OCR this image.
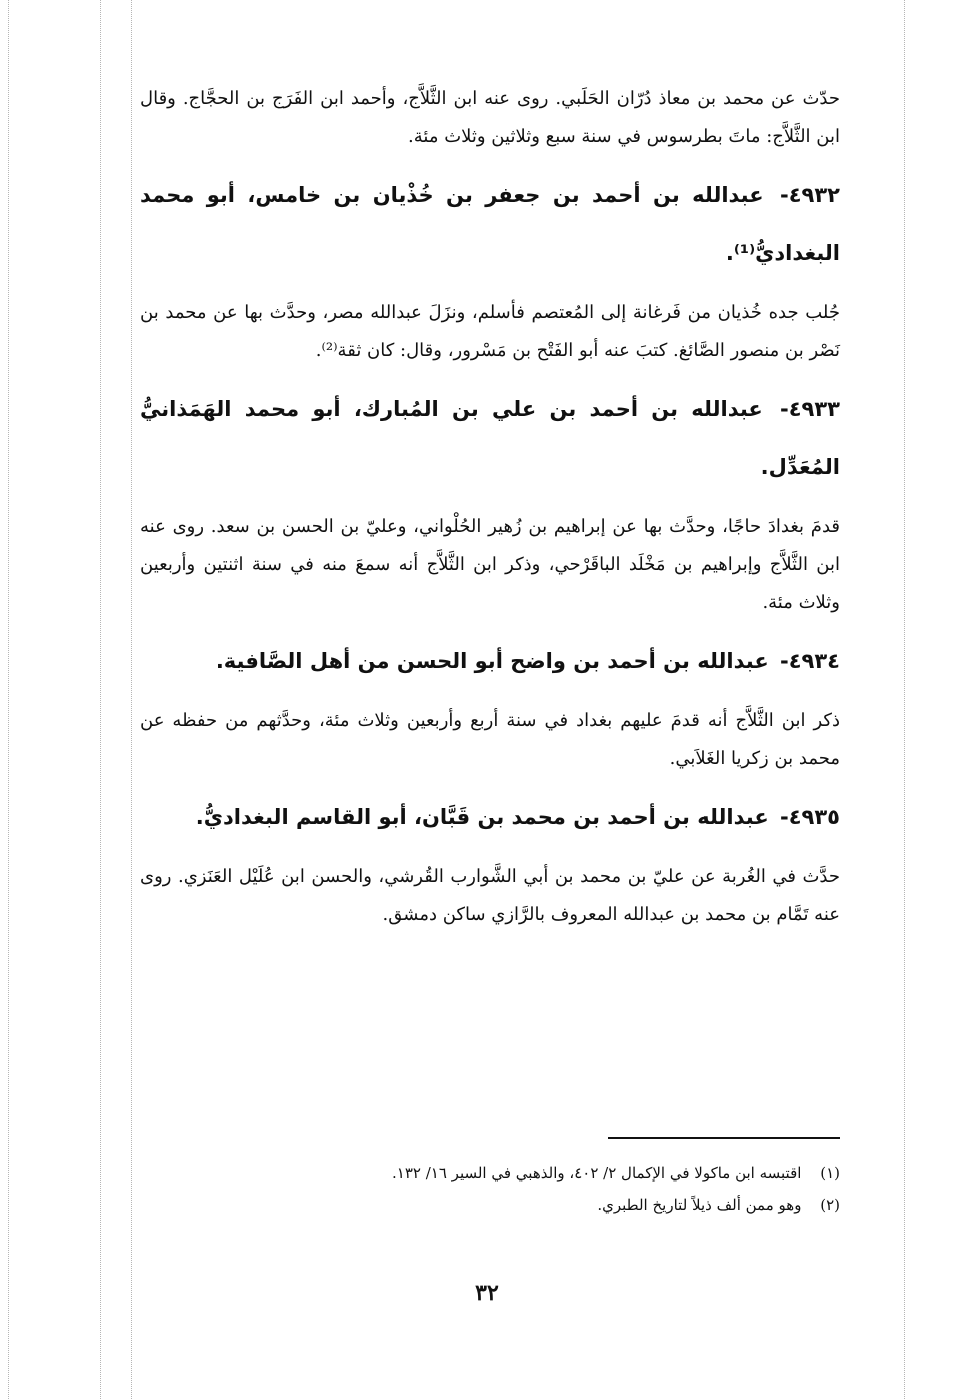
حدّث عن محمد بن معاذ دُرّان الحَلَبي. روى عنه ابن الثَّلاَّج، وأحمد ابن الفَرَج بن الحجَّاج. وقال ابن الثَّلاَّج: ماتَ بطرسوس في سنة سبع وثلاثين وثلاث مئة.

٤٩٣٢- عبدالله بن أحمد بن جعفر بن خُذْيان بن خامس، أبو محمد البغداديُّ⁽¹⁾.

جُلب جده خُذيان من فَرغانة إلى المُعتصم فأسلم، ونزَلَ عبدالله مصر، وحدَّث بها عن محمد بن نَصْر بن منصور الصَّائغ. كتبَ عنه أبو الفَتْح بن مَسْرور، وقال: كان ثقة⁽²⁾.

٤٩٣٣- عبدالله بن أحمد بن علي بن المُبارك، أبو محمد الهَمَذانيُّ المُعَدِّل.

قدمَ بغدادَ حاجًا، وحدَّث بها عن إبراهيم بن زُهير الحُلْواني، وعليّ بن الحسن بن سعد. روى عنه ابن الثَّلاَّج وإبراهيم بن مَخْلَد الباقَرْحي، وذكر ابن الثَّلاَّج أنه سمعَ منه في سنة اثنتين وأربعين وثلاث مئة.

٤٩٣٤- عبدالله بن أحمد بن واضح أبو الحسن من أهل الصَّافية.

ذكر ابن الثَّلاَّج أنه قدمَ عليهم بغداد في سنة أربع وأربعين وثلاث مئة، وحدَّثهم من حفظه عن محمد بن زكريا الغَلاَبي.

٤٩٣٥- عبدالله بن أحمد بن محمد بن قَبَّان، أبو القاسم البغداديُّ.

حدَّث في الغُربة عن عليّ بن محمد بن أبي الشَّوارب القُرشي، والحسن ابن عُلَيْل العَنَزي. روى عنه تَمَّام بن محمد بن عبدالله المعروف بالرَّازي ساكن دمشق.

(١) اقتبسه ابن ماكولا في الإكمال ٢/ ٤٠٢، والذهبي في السير ١٦/ ١٣٢.
(٢) وهو ممن ألف ذيلاً لتاريخ الطبري.
٣٢
